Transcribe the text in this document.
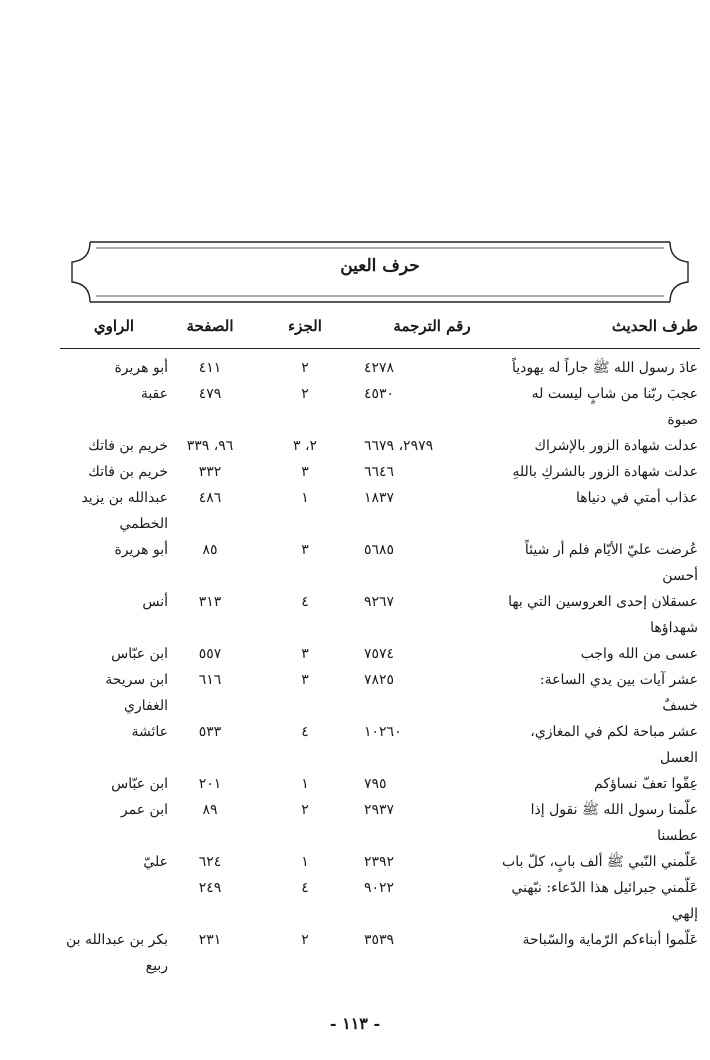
حرف العين
طرف الحديث
رقم الترجمة
الجزء
الصفحة
الراوي
عادَ رسول الله ﷺ جاراً له يهودياً
٤٢٧٨
٢
٤١١
أبو هريرة
عجبَ ربّنا من شابٍ ليست له صبوة
٤٥٣٠
٢
٤٧٩
عقبة
عدلت شهادة الزور بالإشراك
٢٩٧٩، ٦٦٧٩
٢، ٣
٩٦، ٣٣٩
خريم بن فاتك
عدلت شهادة الزور بالشركِ باللهِ
٦٦٤٦
٣
٣٣٢
خريم بن فاتك
عذاب أمتي في دنياها
١٨٣٧
١
٤٨٦
عبدالله بن يزيد الخطمي
عُرضت عليّ الأيّام فلم أر شيئاً أحسن
٥٦٨٥
٣
٨٥
أبو هريرة
عسقلان إحدى العروسين التي بها شهداؤها
٩٢٦٧
٤
٣١٣
أنس
عسى من الله واجب
٧٥٧٤
٣
٥٥٧
ابن عبّاس
عشر آيات بين يدي الساعة: خسفٌ
٧٨٢٥
٣
٦١٦
ابن سريحة الغفاري
عشر مباحة لكم في المغازي، العسل
١٠٢٦٠
٤
٥٣٣
عائشة
عِفّوا تعفّ نساؤكم
٧٩٥
١
٢٠١
ابن عبّاس
علّمنا رسول الله ﷺ نقول إذا عطسنا
٢٩٣٧
٢
٨٩
ابن عمر
عَلّمني النّبي ﷺ ألف بابٍ، كلّ باب
٢٣٩٢
١
٦٢٤
عليّ
عَلّمني جبرائيل هذا الدّعاء: نبّهني إلهي
٩٠٢٢
٤
٢٤٩
عَلّموا أبناءكم الرّماية والسّباحة
٣٥٣٩
٢
٢٣١
بكر بن عبدالله بن ربيع
- ١١٣ -
